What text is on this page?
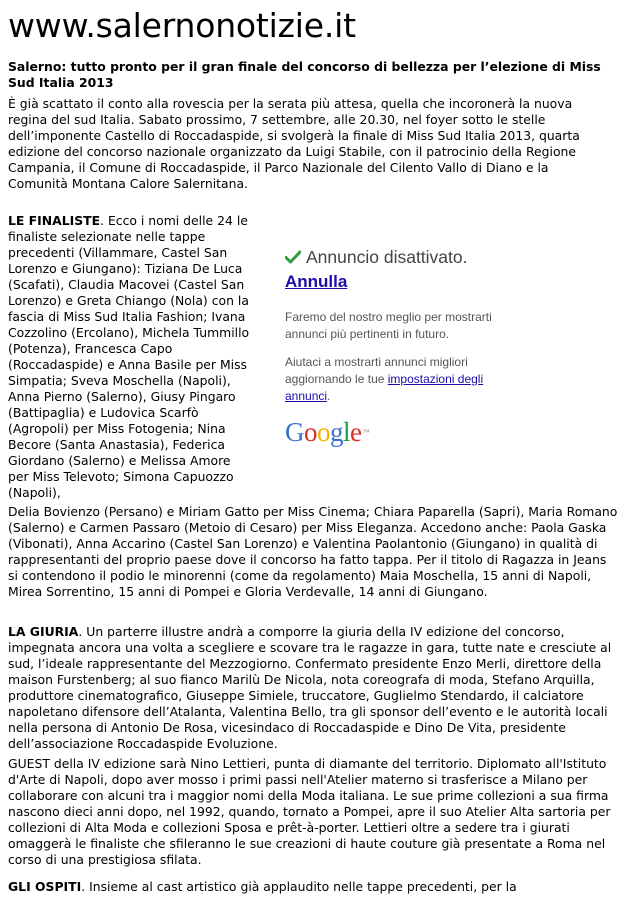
www.salernonotizie.it
Salerno: tutto pronto per il gran finale del concorso di bellezza per l’elezione di Miss Sud Italia 2013

È già scattato il conto alla rovescia per la serata più attesa, quella che incoronerà la nuova regina del sud Italia. Sabato prossimo, 7 settembre, alle 20.30, nel foyer sotto le stelle dell’imponente Castello di Roccadaspide, si svolgerà la finale di Miss Sud Italia 2013, quarta edizione del concorso nazionale organizzato da Luigi Stabile, con il patrocinio della Regione Campania, il Comune di Roccadaspide, il Parco Nazionale del Cilento Vallo di Diano e la Comunità Montana Calore Salernitana.

LE FINALISTE. Ecco i nomi delle 24 le finaliste selezionate nelle tappe precedenti (Villammare, Castel San Lorenzo e Giungano): Tiziana De Luca (Scafati), Claudia Macovei (Castel San Lorenzo) e Greta Chiango (Nola) con la fascia di Miss Sud Italia Fashion; Ivana Cozzolino (Ercolano), Michela Tummillo (Potenza), Francesca Capo (Roccadaspide) e Anna Basile per Miss Simpatia; Sveva Moschella (Napoli), Anna Pierno (Salerno), Giusy Pingaro (Battipaglia) e Ludovica Scarfò (Agropoli) per Miss Fotogenia; Nina Becore (Santa Anastasia), Federica Giordano (Salerno) e Melissa Amore per Miss Televoto; Simona Capuozzo (Napoli),

Annuncio disattivato.
Annulla

Faremo del nostro meglio per mostrarti annunci più pertinenti in futuro.

Aiutaci a mostrarti annunci migliori aggiornando le tue impostazioni degli annunci.

Google™

Delia Bovienzo (Persano) e Miriam Gatto per Miss Cinema; Chiara Paparella (Sapri), Maria Romano (Salerno) e Carmen Passaro (Metoio di Cesaro) per Miss Eleganza. Accedono anche: Paola Gaska (Vibonati), Anna Accarino (Castel San Lorenzo) e Valentina Paolantonio (Giungano) in qualità di rappresentanti del proprio paese dove il concorso ha fatto tappa. Per il titolo di Ragazza in Jeans si contendono il podio le minorenni (come da regolamento) Maia Moschella, 15 anni di Napoli, Mirea Sorrentino, 15 anni di Pompei e Gloria Verdevalle, 14 anni di Giungano.

LA GIURIA. Un parterre illustre andrà a comporre la giuria della IV edizione del concorso, impegnata ancora una volta a scegliere e scovare tra le ragazze in gara, tutte nate e cresciute al sud, l’ideale rappresentante del Mezzogiorno. Confermato presidente Enzo Merli, direttore della maison Furstenberg; al suo fianco Marilù De Nicola, nota coreografa di moda, Stefano Arquilla, produttore cinematografico, Giuseppe Simiele, truccatore, Guglielmo Stendardo, il calciatore napoletano difensore dell’Atalanta, Valentina Bello, tra gli sponsor dell’evento e le autorità locali nella persona di Antonio De Rosa, vicesindaco di Roccadaspide e Dino De Vita, presidente dell’associazione Roccadaspide Evoluzione.

GUEST della IV edizione sarà Nino Lettieri, punta di diamante del territorio. Diplomato all'Istituto d'Arte di Napoli, dopo aver mosso i primi passi nell'Atelier materno si trasferisce a Milano per collaborare con alcuni tra i maggior nomi della Moda italiana. Le sue prime collezioni a sua firma nascono dieci anni dopo, nel 1992, quando, tornato a Pompei, apre il suo Atelier Alta sartoria per collezioni di Alta Moda e collezioni Sposa e prêt-à-porter. Lettieri oltre a sedere tra i giurati omaggerà le finaliste che sfileranno le sue creazioni di haute couture già presentate a Roma nel corso di una prestigiosa sfilata.

GLI OSPITI. Insieme al cast artistico già applaudito nelle tappe precedenti, per la
